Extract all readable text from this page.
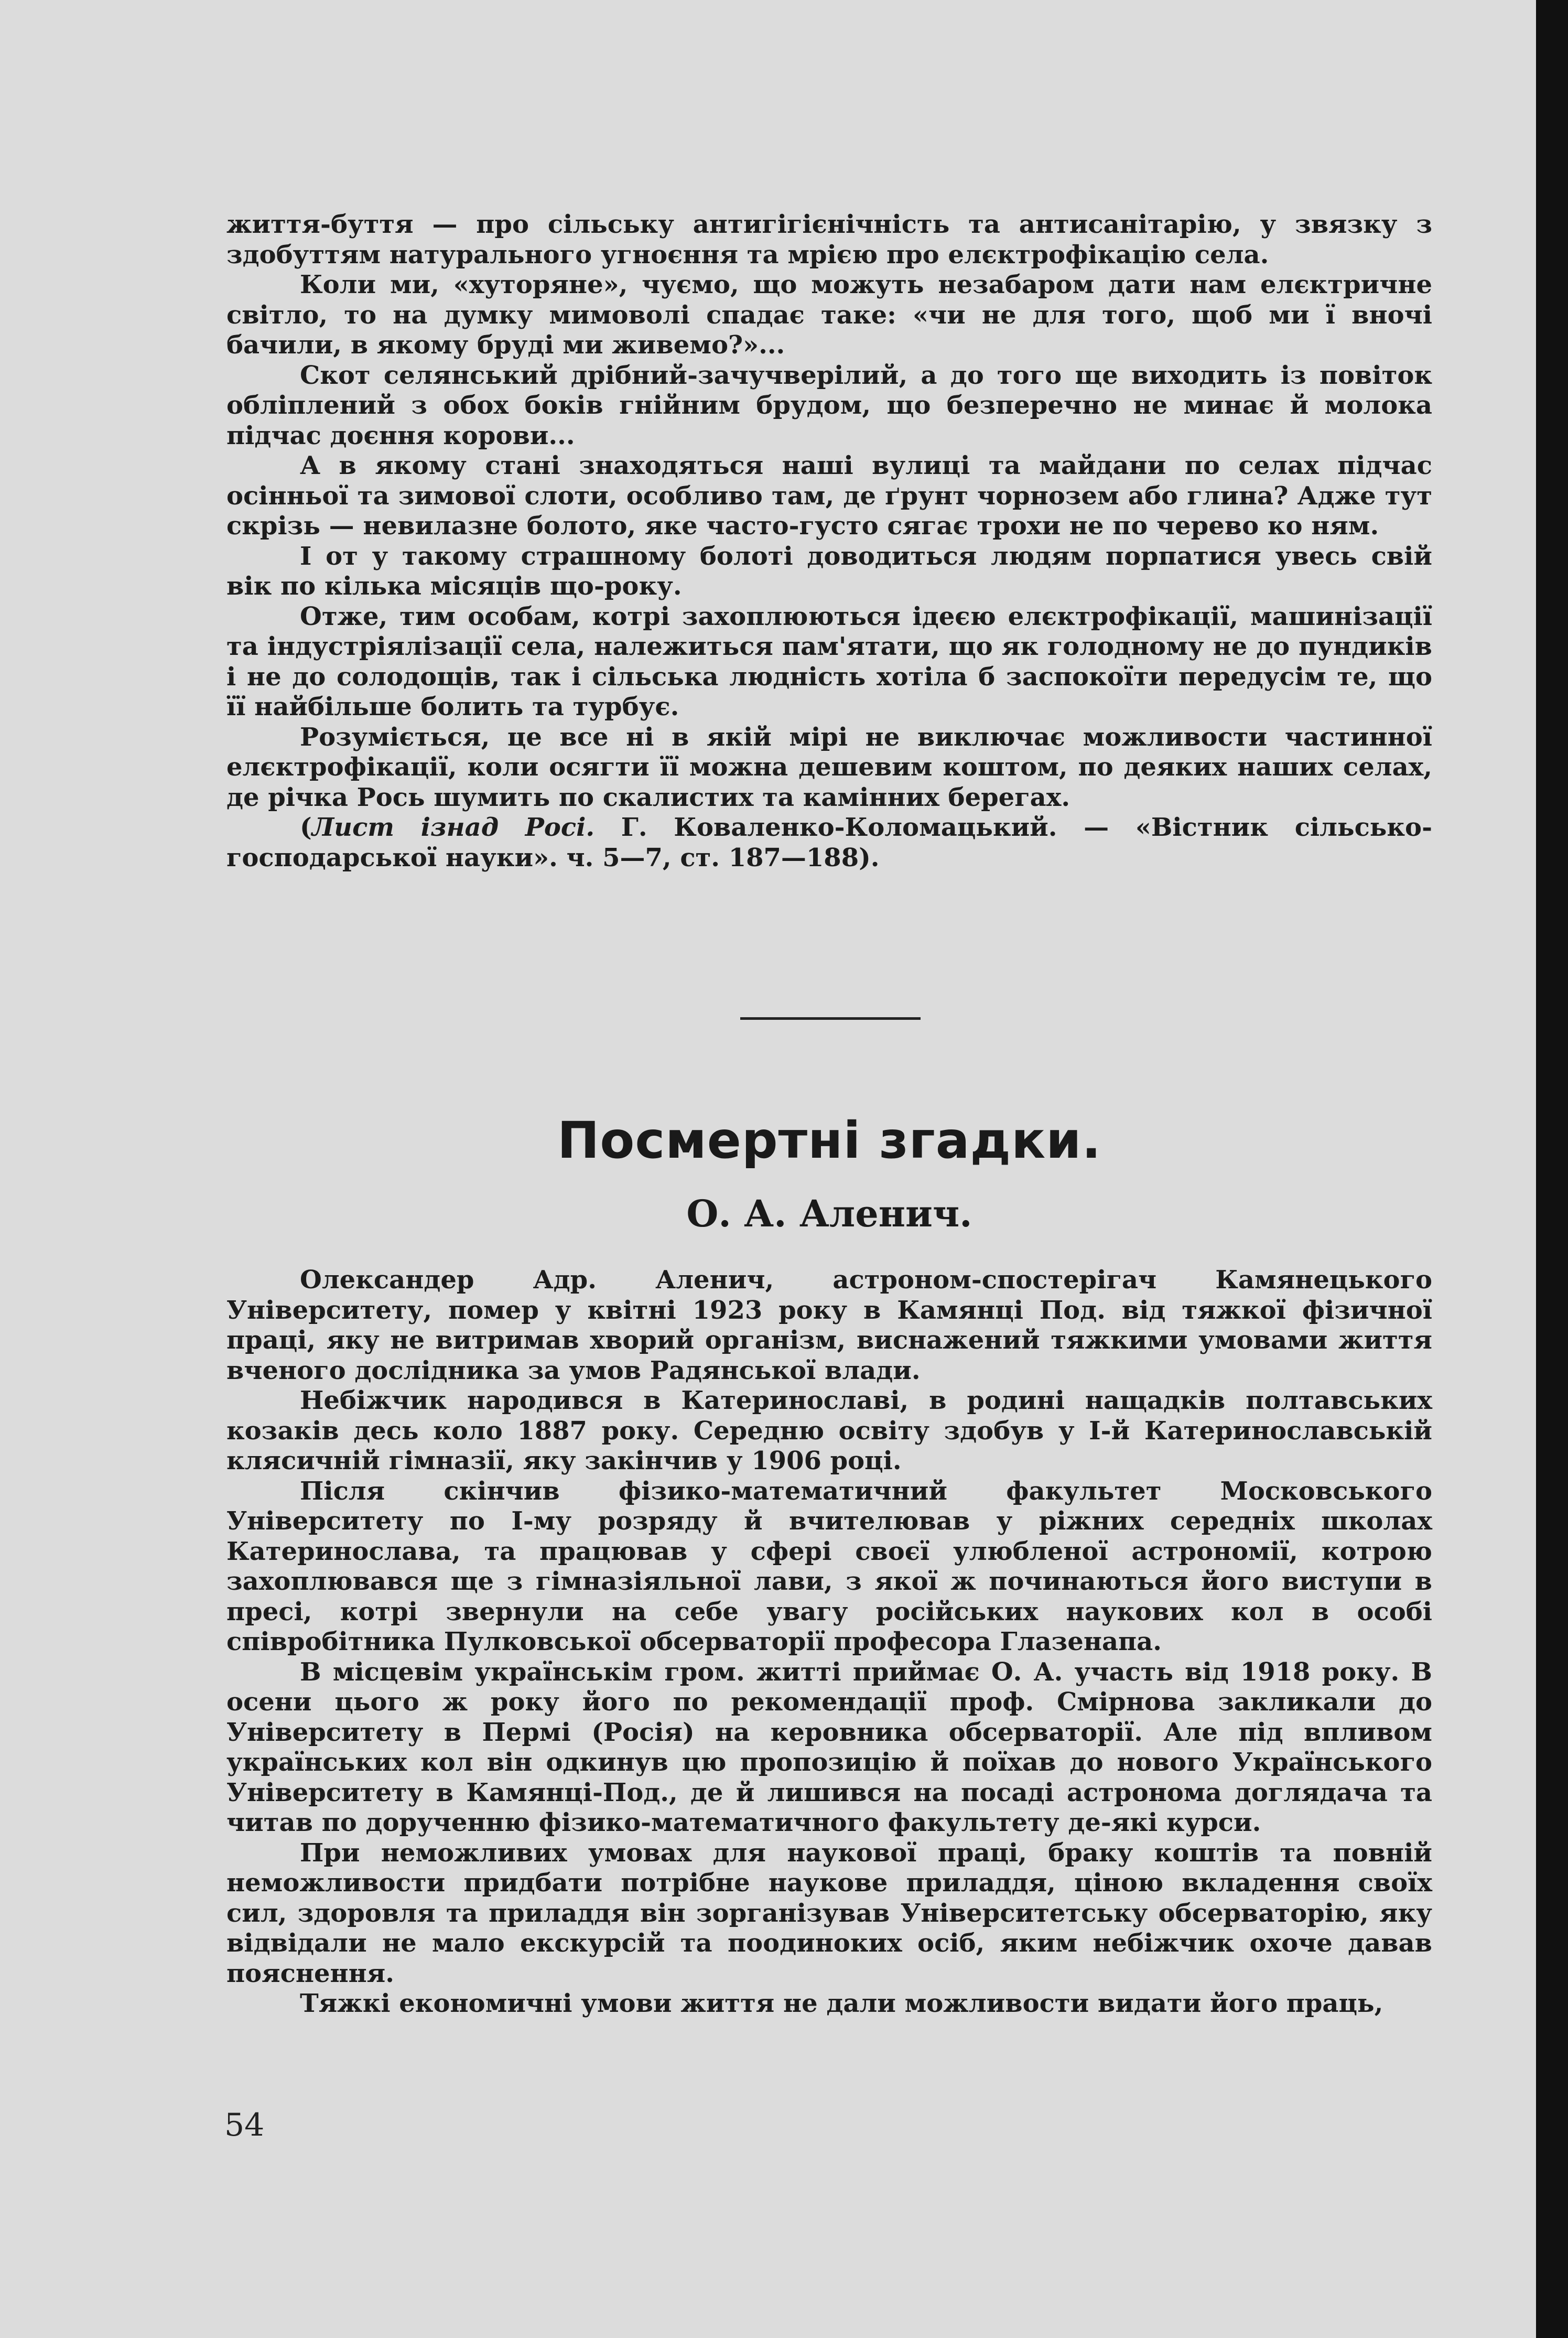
життя-буття — про сільську антигігієнічність та антисанітарію, у звязку з здобуттям натурального угноєння та мрією про елєктрофікацію села.

Коли ми, «хуторяне», чуємо, що можуть незабаром дати нам елєктричне світло, то на думку мимоволі спадає таке: «чи не для того, щоб ми ї вночі бачили, в якому бруді ми живемо?»...

Скот селянський дрібний-зачучверілий, а до того ще виходить із повіток обліплений з обох боків гнійним брудом, що безперечно не минає й молока підчас доєння корови...

А в якому стані знаходяться наші вулиці та майдани по селах підчас осінньої та зимової слоти, особливо там, де ґрунт чорнозем або глина? Адже тут скрізь — невилазне болото, яке часто-густо сягає трохи не по черево ко ням.

І от у такому страшному болоті доводиться людям порпатися увесь свій вік по кілька місяців що-року.

Отже, тим особам, котрі захоплюються ідеєю елєктрофікації, машинізації та індустріялізації села, належиться пам'ятати, що як голодному не до пундиків і не до солодощів, так і сільська людність хотіла б заспокоїти передусім те, що її найбільше болить та турбує.

Розуміється, це все ні в якій мірі не виключає можливости частинної елєктрофікації, коли осягти її можна дешевим коштом, по деяких наших селах, де річка Рось шумить по скалистих та камінних берегах.

(Лист ізнад Росі. Г. Коваленко-Коломацький. — «Вістник сільсько-господарської науки». ч. 5—7, ст. 187—188).

Посмертні згадки.
О. А. Аленич.

Олександер Адр. Аленич, астроном-спостерігач Камянецького Університету, помер у квітні 1923 року в Камянці Под. від тяжкої фізичної праці, яку не витримав хворий організм, виснажений тяжкими умовами життя вченого дослідника за умов Радянської влади.

Небіжчик народився в Катеринославі, в родині нащадків полтавських козаків десь коло 1887 року. Середню освіту здобув у І-й Катеринославській клясичній гімназії, яку закінчив у 1906 році.

Після скінчив фізико-математичний факультет Московського Університету по І-му розряду й вчителював у ріжних середніх школах Катеринослава, та працював у сфері своєї улюбленої астрономії, котрою захоплювався ще з гімназіяльної лави, з якої ж починаються його виступи в пресі, котрі звернули на себе увагу російських наукових кол в особі співробітника Пулковської обсерваторії професора Глазенапа.

В місцевім українськім гром. житті приймає О. А. участь від 1918 року. В осени цього ж року його по рекомендації проф. Смірнова закликали до Університету в Пермі (Росія) на керовника обсерваторії. Але під впливом українських кол він одкинув цю пропозицію й поїхав до нового Українського Університету в Камянці-Под., де й лишився на посаді астронома доглядача та читав по дорученню фізико-математичного факультету де-які курси.

При неможливих умовах для наукової праці, браку коштів та повній неможливости придбати потрібне наукове приладдя, ціною вкладення своїх сил, здоровля та приладдя він зорганізував Університетську обсерваторію, яку відвідали не мало екскурсій та поодиноких осіб, яким небіжчик охоче давав пояснення.

Тяжкі економичні умови життя не дали можливости видати його праць,

54
